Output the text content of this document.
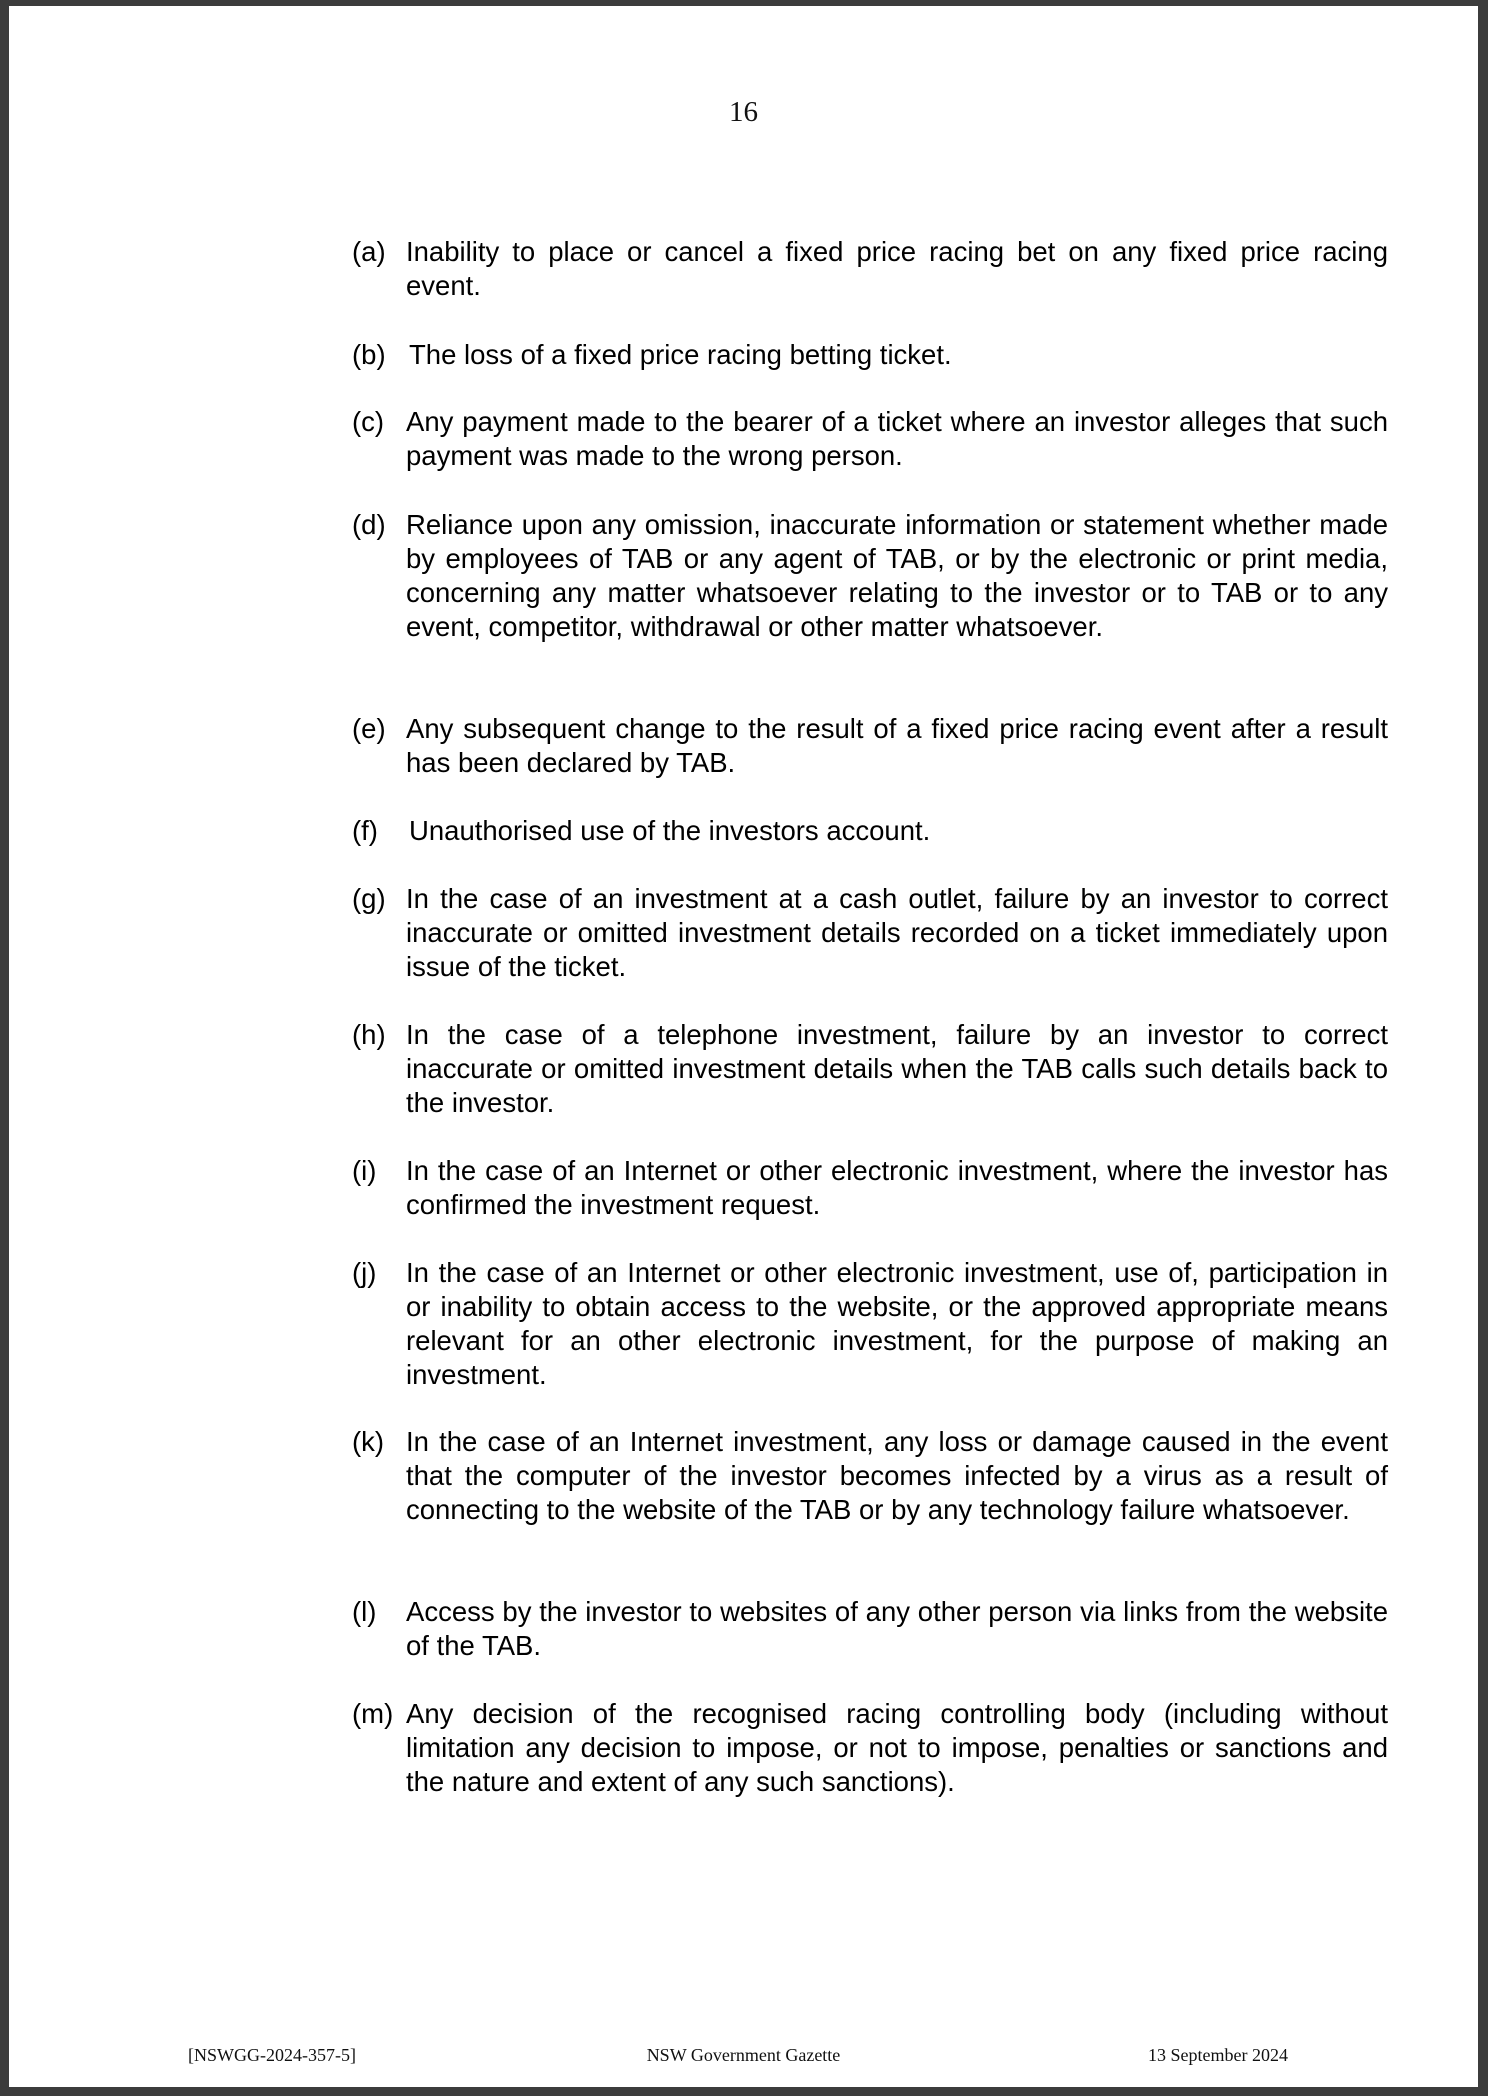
16
(a) Inability to place or cancel a fixed price racing bet on any fixed price racing event.
(b) The loss of a fixed price racing betting ticket.
(c) Any payment made to the bearer of a ticket where an investor alleges that such payment was made to the wrong person.
(d) Reliance upon any omission, inaccurate information or statement whether made by employees of TAB or any agent of TAB, or by the electronic or print media, concerning any matter whatsoever relating to the investor or to TAB or to any event, competitor, withdrawal or other matter whatsoever.
(e) Any subsequent change to the result of a fixed price racing event after a result has been declared by TAB.
(f)	Unauthorised use of the investors account.
(g) In the case of an investment at a cash outlet, failure by an investor to correct inaccurate or omitted investment details recorded on a ticket immediately upon issue of the ticket.
(h) In the case of a telephone investment, failure by an investor to correct inaccurate or omitted investment details when the TAB calls such details back to the investor.
(i)	In the case of an Internet or other electronic investment, where the investor has confirmed the investment request.
(j)	In the case of an Internet or other electronic investment, use of, participation in or inability to obtain access to the website, or the approved appropriate means relevant for an other electronic investment, for the purpose of making an investment.
(k) In the case of an Internet investment, any loss or damage caused in the event that the computer of the investor becomes infected by a virus as a result of connecting to the website of the TAB or by any technology failure whatsoever.
(l)	Access by the investor to websites of any other person via links from the website of the TAB.
(m) Any decision of the recognised racing controlling body (including without limitation any decision to impose, or not to impose, penalties or sanctions and the nature and extent of any such sanctions).
[NSWGG-2024-357-5]	NSW Government Gazette	13 September 2024
